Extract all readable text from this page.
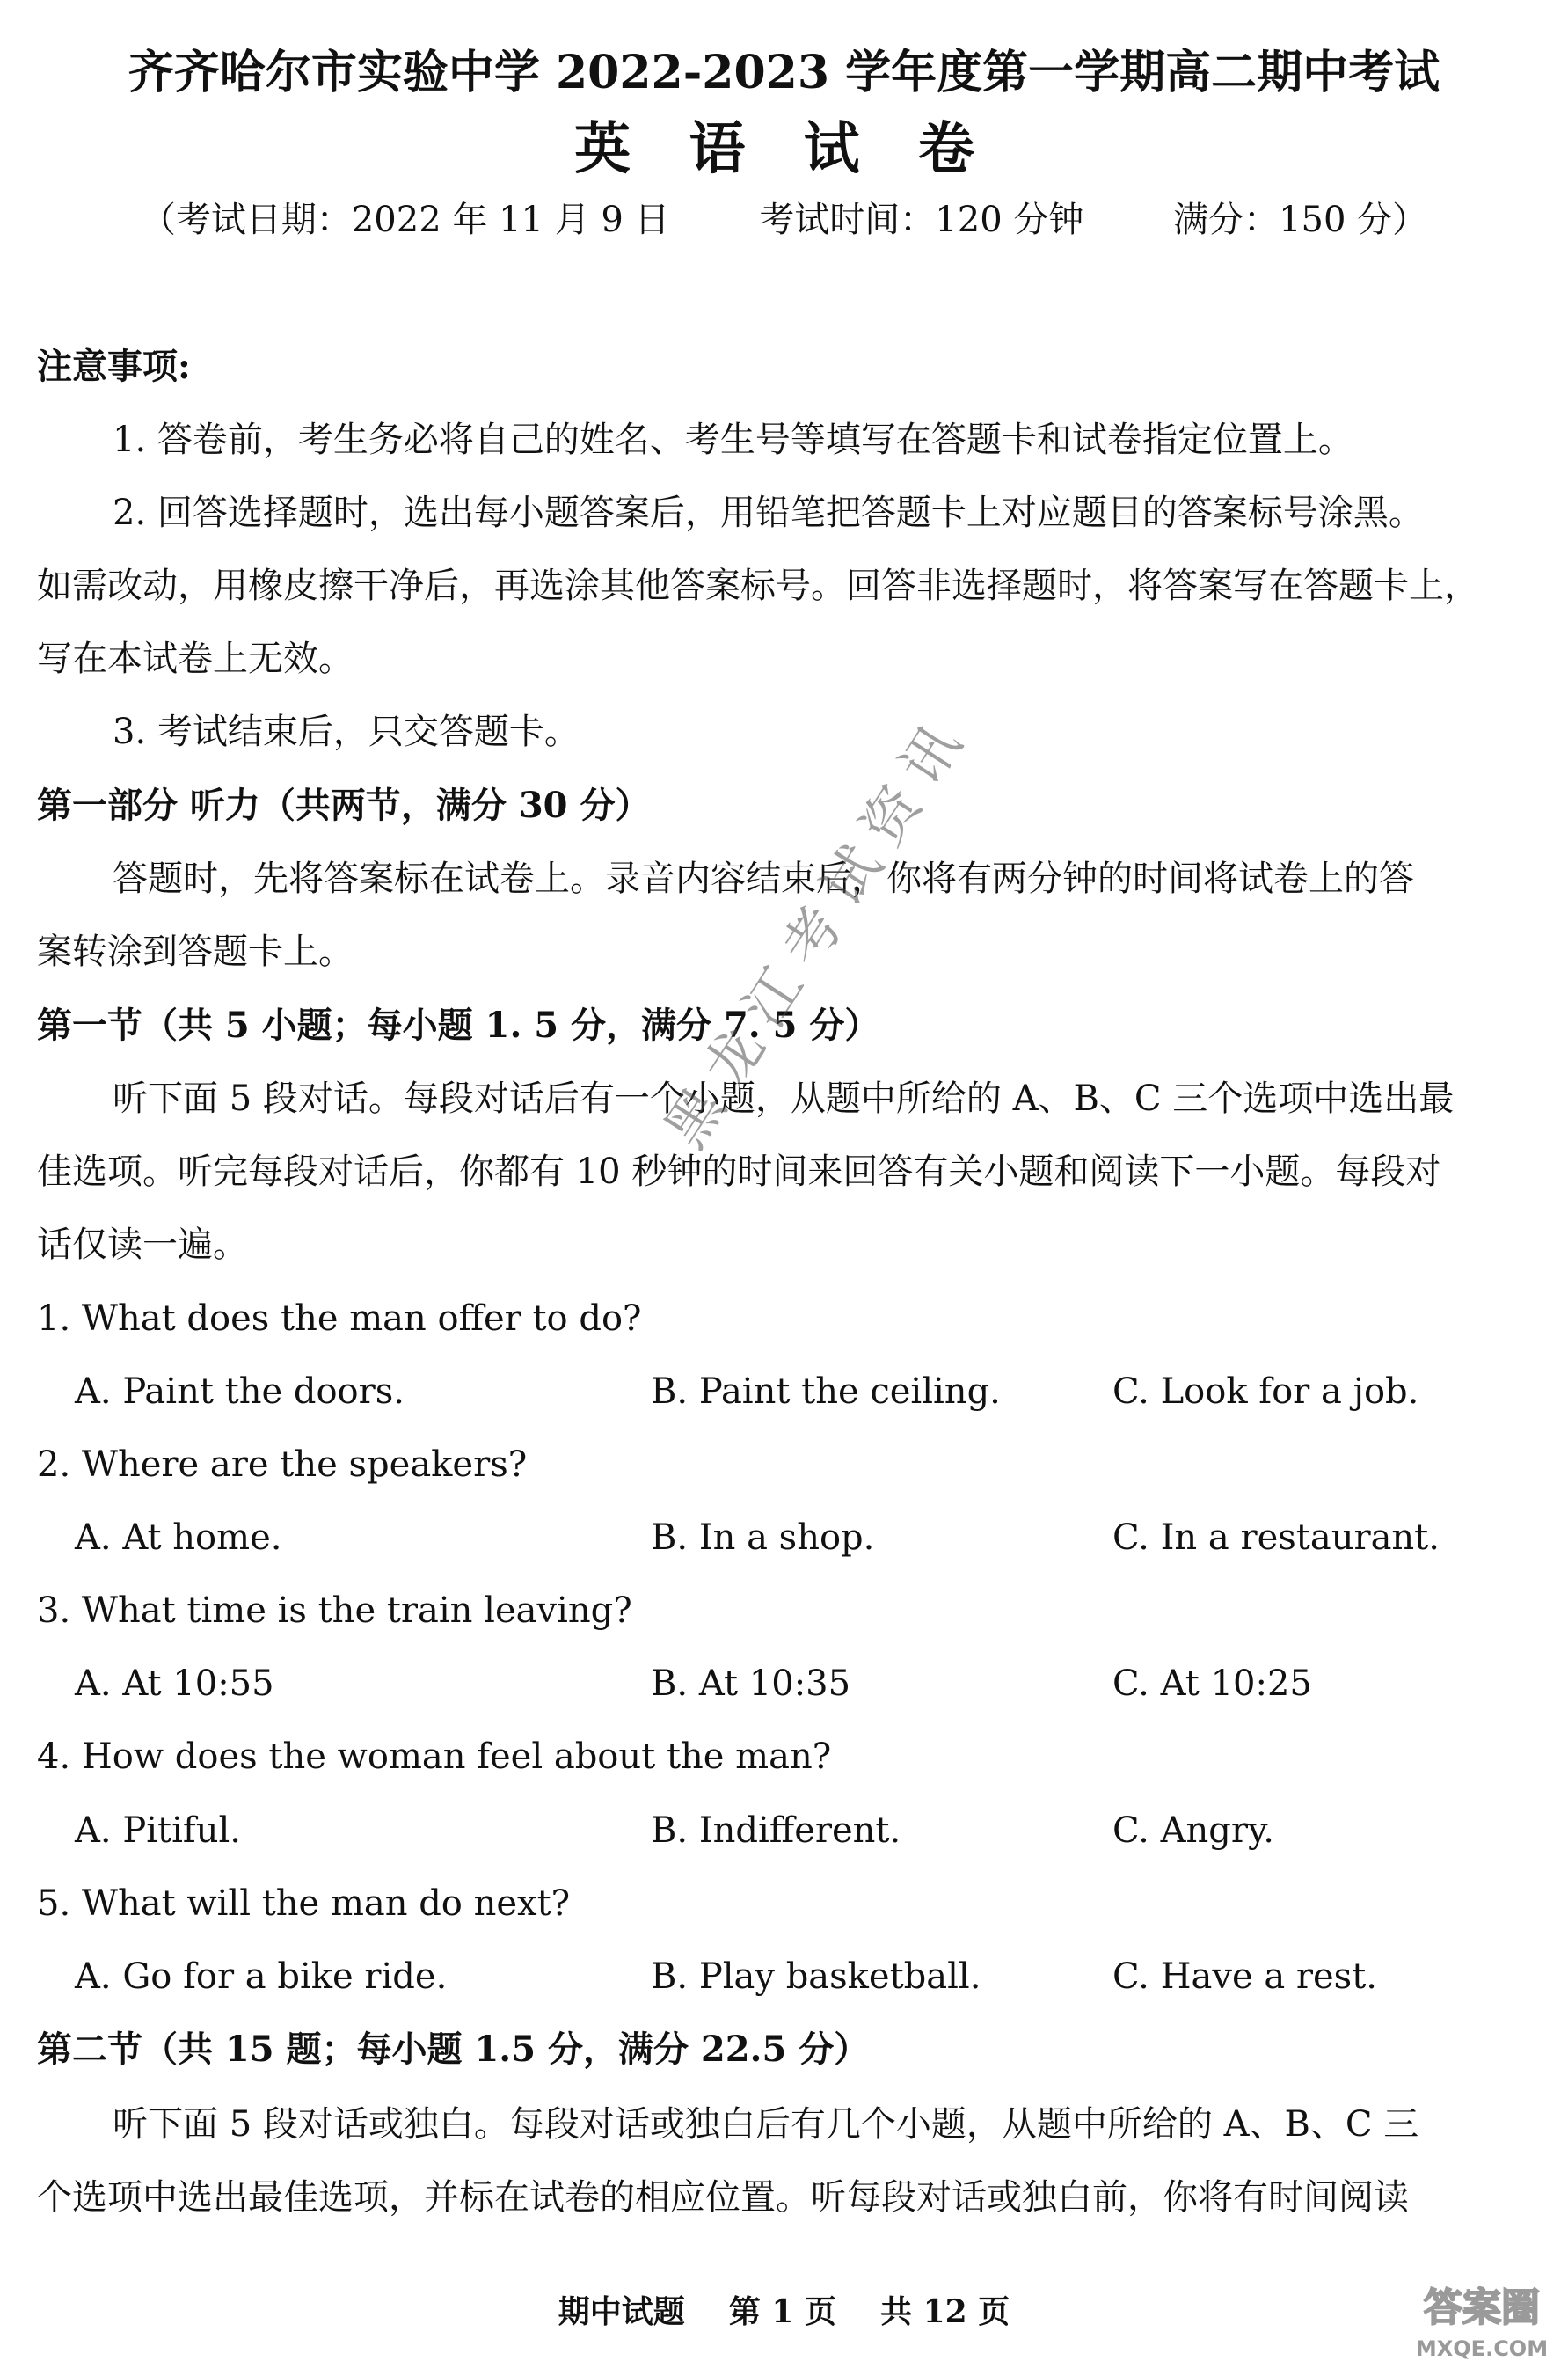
齐齐哈尔市实验中学 2022-2023 学年度第一学期高二期中考试
英 语 试 卷
（考试日期：2022 年 11 月 9 日        考试时间：120 分钟        满分：150 分）
注意事项:
1. 答卷前，考生务必将自己的姓名、考生号等填写在答题卡和试卷指定位置上。
2. 回答选择题时，选出每小题答案后，用铅笔把答题卡上对应题目的答案标号涂黑。
如需改动，用橡皮擦干净后，再选涂其他答案标号。回答非选择题时，将答案写在答题卡上，
写在本试卷上无效。
3. 考试结束后，只交答题卡。
第一部分 听力（共两节，满分 30 分）
答题时，先将答案标在试卷上。录音内容结束后，你将有两分钟的时间将试卷上的答
案转涂到答题卡上。
第一节（共 5 小题；每小题 1. 5 分，满分 7. 5 分）
听下面 5 段对话。每段对话后有一个小题，从题中所给的 A、B、C 三个选项中选出最
佳选项。听完每段对话后，你都有 10 秒钟的时间来回答有关小题和阅读下一小题。每段对
话仅读一遍。
1. What does the man offer to do?
A. Paint the doors.	B. Paint the ceiling.	C. Look for a job.
2. Where are the speakers?
A. At home.	B. In a shop.	C. In a restaurant.
3. What time is the train leaving?
A. At 10:55	B. At 10:35	C. At 10:25
4. How does the woman feel about the man?
A. Pitiful.	B. Indifferent.	C. Angry.
5. What will the man do next?
A. Go for a bike ride.	B. Play basketball.	C. Have a rest.
第二节（共 15 题；每小题 1.5 分，满分 22.5 分）
听下面 5 段对话或独白。每段对话或独白后有几个小题，从题中所给的 A、B、C 三
个选项中选出最佳选项，并标在试卷的相应位置。听每段对话或独白前，你将有时间阅读
期中试题    第 1 页    共 12 页
黑龙江考试资讯
答案圈
MXQE.COM
